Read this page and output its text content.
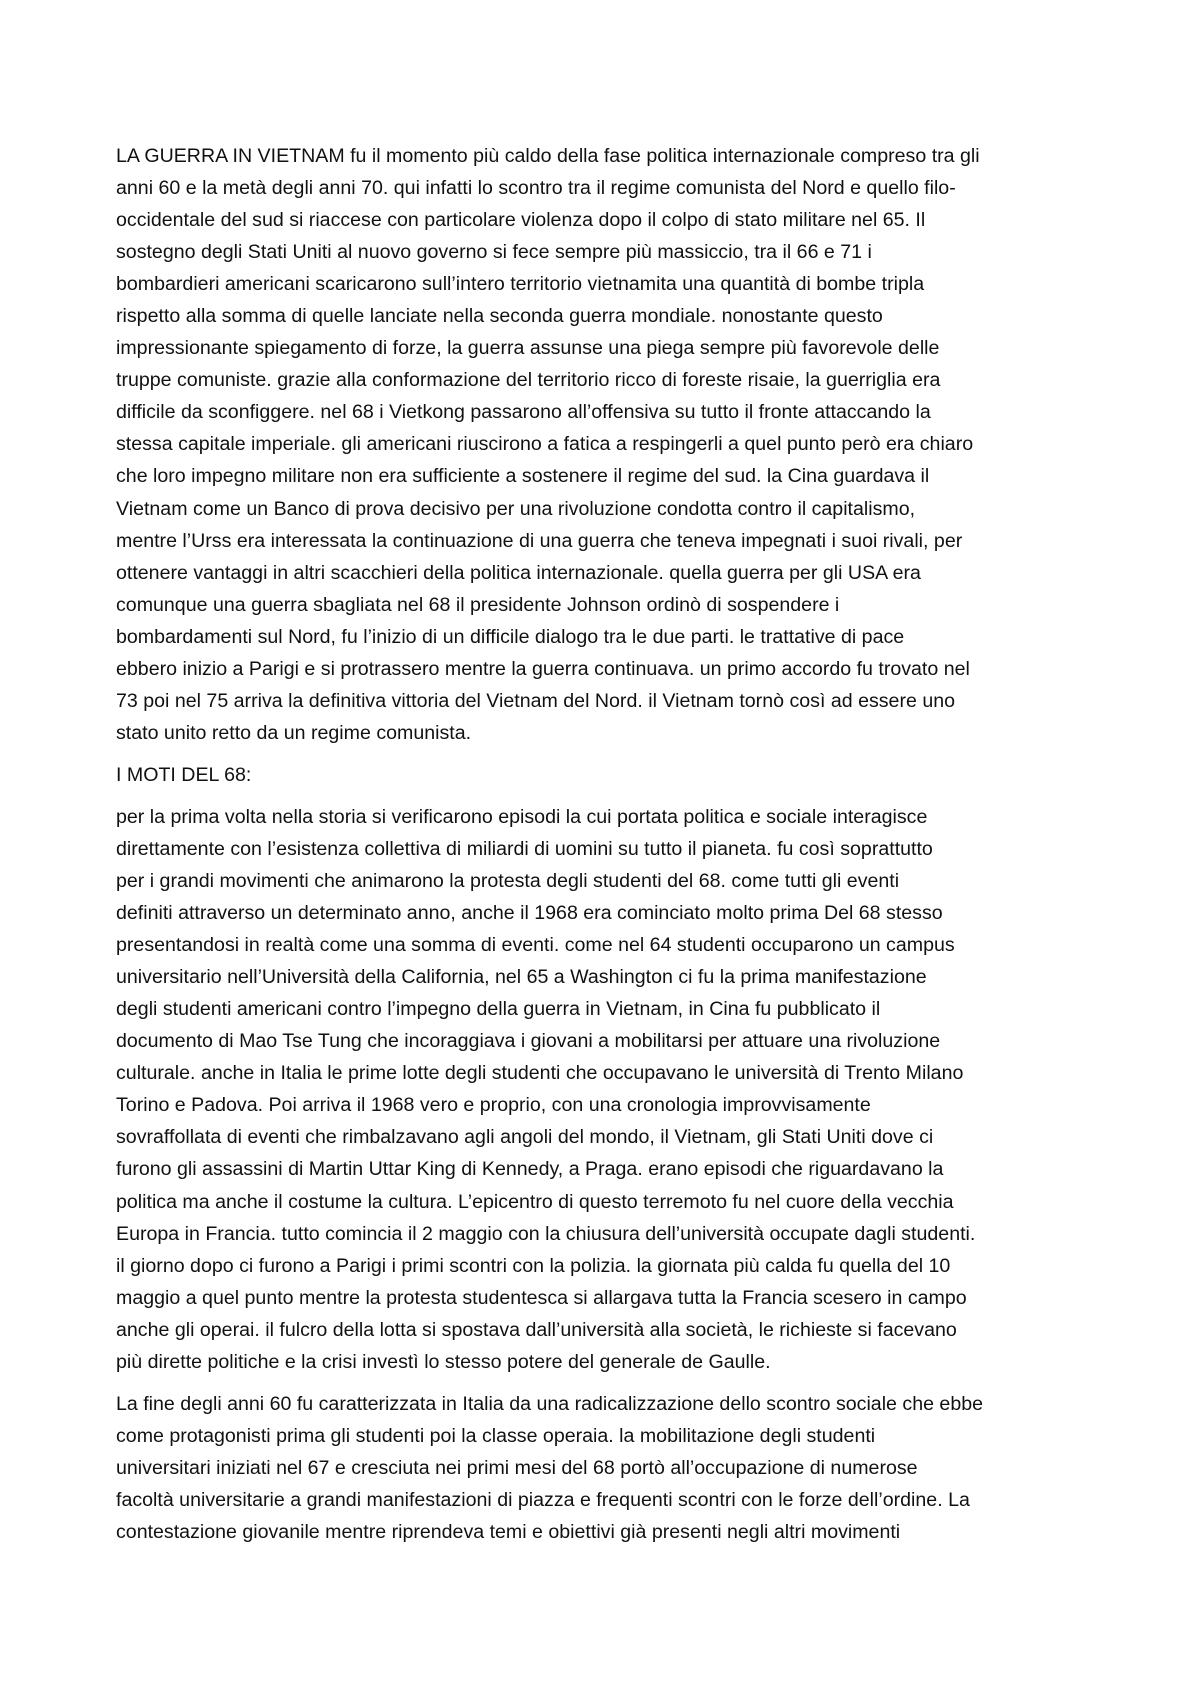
LA GUERRA IN VIETNAM fu il momento più caldo della fase politica internazionale compreso tra gli
anni 60 e la metà degli anni 70. qui infatti lo scontro tra il regime comunista del Nord e quello filo-
occidentale del sud si riaccese con particolare violenza dopo il colpo di stato militare nel 65. Il
sostegno degli Stati Uniti al nuovo governo si fece sempre più massiccio, tra il 66 e 71 i
bombardieri americani scaricarono sull’intero territorio vietnamita una quantità di bombe tripla
rispetto alla somma di quelle lanciate nella seconda guerra mondiale. nonostante questo
impressionante spiegamento di forze, la guerra assunse una piega sempre più favorevole delle
truppe comuniste. grazie alla conformazione del territorio ricco di foreste risaie, la guerriglia era
difficile da sconfiggere. nel 68 i Vietkong passarono all’offensiva su tutto il fronte attaccando la
stessa capitale imperiale. gli americani riuscirono a fatica a respingerli a quel punto però era chiaro
che loro impegno militare non era sufficiente a sostenere il regime del sud. la Cina guardava il
Vietnam come un Banco di prova decisivo per una rivoluzione condotta contro il capitalismo,
mentre l’Urss era interessata la continuazione di una guerra che teneva impegnati i suoi rivali, per
ottenere vantaggi in altri scacchieri della politica internazionale. quella guerra per gli USA era
comunque una guerra sbagliata nel 68 il presidente Johnson ordinò di sospendere i
bombardamenti sul Nord, fu l’inizio di un difficile dialogo tra le due parti. le trattative di pace
ebbero inizio a Parigi e si protrassero mentre la guerra continuava. un primo accordo fu trovato nel
73 poi nel 75 arriva la definitiva vittoria del Vietnam del Nord. il Vietnam tornò così ad essere uno
stato unito retto da un regime comunista.
I MOTI DEL 68:
per la prima volta nella storia si verificarono episodi la cui portata politica e sociale interagisce
direttamente con l’esistenza collettiva di miliardi di uomini su tutto il pianeta. fu così soprattutto
per i grandi movimenti che animarono la protesta degli studenti del 68. come tutti gli eventi
definiti attraverso un determinato anno, anche il 1968 era cominciato molto prima Del 68 stesso
presentandosi in realtà come una somma di eventi. come nel 64 studenti occuparono un campus
universitario nell’Università della California, nel 65 a Washington ci fu la prima manifestazione
degli studenti americani contro l’impegno della guerra in Vietnam, in Cina fu pubblicato il
documento di Mao Tse Tung che incoraggiava i giovani a mobilitarsi per attuare una rivoluzione
culturale. anche in Italia le prime lotte degli studenti che occupavano le università di Trento Milano
Torino e Padova. Poi arriva il 1968 vero e proprio, con una cronologia improvvisamente
sovraffollata di eventi che rimbalzavano agli angoli del mondo, il Vietnam, gli Stati Uniti dove ci
furono gli assassini di Martin Uttar King di Kennedy, a Praga. erano episodi che riguardavano la
politica ma anche il costume la cultura. L’epicentro di questo terremoto fu nel cuore della vecchia
Europa in Francia. tutto comincia il 2 maggio con la chiusura dell’università occupate dagli studenti.
il giorno dopo ci furono a Parigi i primi scontri con la polizia. la giornata più calda fu quella del 10
maggio a quel punto mentre la protesta studentesca si allargava tutta la Francia scesero in campo
anche gli operai. il fulcro della lotta si spostava dall’università alla società, le richieste si facevano
più dirette politiche e la crisi investì lo stesso potere del generale de Gaulle.
La fine degli anni 60 fu caratterizzata in Italia da una radicalizzazione dello scontro sociale che ebbe
come protagonisti prima gli studenti poi la classe operaia. la mobilitazione degli studenti
universitari iniziati nel 67 e cresciuta nei primi mesi del 68 portò all’occupazione di numerose
facoltà universitarie a grandi manifestazioni di piazza e frequenti scontri con le forze dell’ordine. La
contestazione giovanile mentre riprendeva temi e obiettivi già presenti negli altri movimenti
